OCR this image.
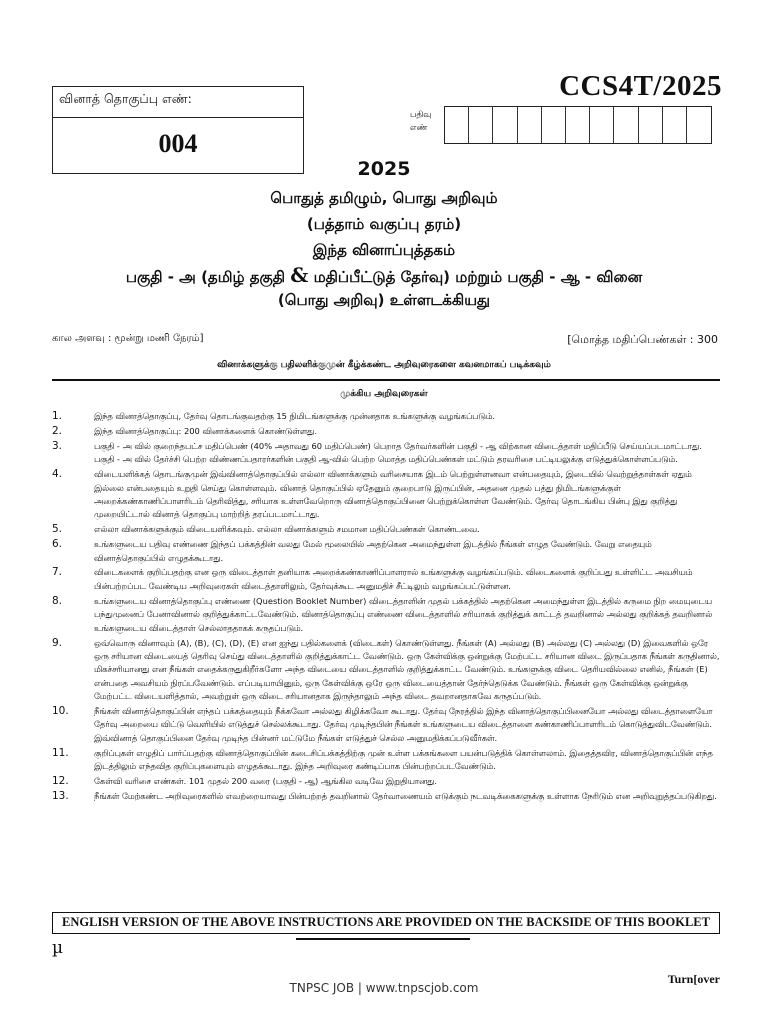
வினாத் தொகுப்பு எண்:
004
CCS4T/2025
பதிவு
எண்
2025
பொதுத் தமிழும், பொது அறிவும்
(பத்தாம் வகுப்பு தரம்)
இந்த வினாப்புத்தகம்
பகுதி - அ (தமிழ் தகுதி & மதிப்பீட்டுத் தேர்வு) மற்றும் பகுதி - ஆ - வினை
(பொது அறிவு) உள்ளடக்கியது
கால அளவு : மூன்று மணி நேரம்]	[மொத்த மதிப்பெண்கள் : 300
வினாக்களுக்கு பதிலளிக்குமுன் கீழ்க்கண்ட அறிவுரைகளை கவனமாகப் படிக்கவும்
முக்கிய அறிவுரைகள்
1.	இந்த வினாத்தொகுப்பு, தேர்வு தொடங்குவதற்கு 15 நிமிடங்களுக்கு முன்னதாக உங்களுக்கு வழங்கப்படும்.
2.	இந்த வினாத்தொகுப்பு: 200 வினாக்களைக் கொண்டுள்ளது.
3.	பகுதி - அ வில் குறைந்தபட்ச மதிப்பெண் (40% அதாவது 60 மதிப்பெண்) பெறாத தேர்வர்களின் பகுதி - ஆ விற்கான விடைத்தாள் மதிப்பீடு செய்யப்படமாட்டாது. பகுதி - அ வில் தேர்ச்சி பெற்ற விண்ணப்பதாரர்களின் பகுதி ஆ-வில் பெற்ற மொத்த மதிப்பெண்கள் மட்டும் தரவரிசை பட்டியலுக்கு எடுத்துக்கொள்ளப்படும்.
4.	விடையளிக்கத் தொடங்குமுன் இவ்வினாத்தொகுப்பில் எல்லா வினாக்களும் வரிசையாக இடம் பெற்றுள்ளனவா என்பதையும், இடையில் வெற்றுத்தாள்கள் ஏதும் இல்லை என்பதையும் உறுதி செய்து கொள்ளவும். வினாத் தொகுப்பில் ஏதேனும் குறைபாடு இருப்பின், அதனை முதல் பத்து நிமிடங்களுக்குள் அறைக்கண்காணிப்பாளரிடம் தெரிவித்து, சரியாக உள்ளவேறொரு வினாத்தொகுப்பினை பெற்றுக்கொள்ள வேண்டும். தேர்வு தொடங்கிய பின்பு இது குறித்து முறையிட்டால் வினாத் தொகுப்பு மாற்றித் தரப்படமாட்டாது.
5.	எல்லா வினாக்களுக்கும் விடையளிக்கவும். எல்லா வினாக்களும் சமமான மதிப்பெண்கள் கொண்டவை.
6.	உங்களுடைய பதிவு எண்ணை இந்தப் பக்கத்தின் வலது மேல் மூலையில் அதற்கென அமைந்துள்ள இடத்தில் நீங்கள் எழுத வேண்டும். வேறு எதையும் வினாத்தொகுப்பில் எழுதக்கூடாது.
7.	விடைகளைக் குறிப்பதற்கு என ஒரு விடைத்தாள் தனியாக அறைக்கண்காணிப்பாளரால் உங்களுக்கு வழங்கப்படும். விடைகளைக் குறிப்பது உள்ளிட்ட அவசியம் பின்பற்றப்பட வேண்டிய அறிவுரைகள் விடைத்தாளிலும், தேர்வுக்கூட அனுமதிச் சீட்டிலும் வழங்கப்பட்டுள்ளன.
8.	உங்களுடைய வினாத்தொகுப்பு எண்ணை (Question Booklet Number) விடைத்தாளின் முதல் பக்கத்தில் அதற்கென அமைந்துள்ள இடத்தில் கருமை நிற மையுடைய பந்துமுனைப் பேனாவினால் குறித்துக்காட்டவேண்டும். வினாத்தொகுப்பு எண்ணை விடைத்தாளில் சரியாகக் குறித்துக் காட்டத் தவறினால் அல்லது குறிக்கத் தவறினால் உங்களுடைய விடைத்தாள் செல்லாததாகக் கருதப்படும்.
9.	ஒவ்வொரு வினாவும் (A), (B), (C), (D), (E) என ஐந்து பதில்களைக் (விடைகள்) கொண்டுள்ளது. நீங்கள் (A) அல்லது (B) அல்லது (C) அல்லது (D) இவைகளில் ஒரே ஒரு சரியான விடையைத் தெரிவு செய்து விடைத்தாளில் குறித்துக்காட்ட வேண்டும். ஒரு கேள்விக்கு ஒன்றுக்கு மேற்பட்ட சரியான விடை இருப்பதாக நீங்கள் கருதினால், மிகச்சரியானது என நீங்கள் எதைக்கருதுகிறீர்களோ அந்த விடையை விடைத்தாளில் குறித்துக்காட்ட வேண்டும். உங்களுக்கு விடை தெரியவில்லை எனில், நீங்கள் (E) என்பதை அவசியம் நிரப்பவேண்டும். எப்படியாயினும், ஒரு கேள்விக்கு ஒரே ஒரு விடையைத்தான் தேர்ந்தெடுக்க வேண்டும். நீங்கள் ஒரு கேள்விக்கு ஒன்றுக்கு மேற்பட்ட விடையளித்தால், அவற்றுள் ஒரு விடை சரியானதாக இருந்தாலும் அந்த விடை தவறானதாகவே கருதப்படும்.
10.	நீங்கள் வினாத்தொகுப்பின் எந்தப் பக்கத்தையும் நீக்கவோ அல்லது கிழிக்கவோ கூடாது. தேர்வு நேரத்தில் இந்த வினாத்தொகுப்பினையோ அல்லது விடைத்தாளையோ தேர்வு அறையை விட்டு வெளியில் எடுத்துச் செல்லக்கூடாது. தேர்வு முடிந்தபின் நீங்கள் உங்களுடைய விடைத்தாளை கண்காணிப்பாளரிடம் கொடுத்துவிடவேண்டும். இவ்வினாத் தொகுப்பினை தேர்வு முடிந்த பின்னர் மட்டுமே நீங்கள் எடுத்துச் செல்ல அனுமதிக்கப்படுவீர்கள்.
11.	குறிப்புகள் எழுதிப் பார்ப்பதற்கு வினாத்தொகுப்பின் கடைசிப்பக்கத்திற்கு முன் உள்ள பக்கங்களை பயன்படுத்திக் கொள்ளலாம். இதைத்தவிர, வினாத்தொகுப்பின் எந்த இடத்திலும் எந்தவித குறிப்புகளையும் எழுதக்கூடாது. இந்த அறிவுரை கண்டிப்பாக பின்பற்றப்படவேண்டும்.
12.	கேள்வி வரிசை எண்கள். 101 முதல் 200 வரை (பகுதி - ஆ) ஆங்கில வடிவே இறுதியானது.
13.	நீங்கள் மேற்கண்ட அறிவுரைகளில் எவற்றையாவது பின்பற்றத் தவறினால் தேர்வாணையம் எடுக்கும் நடவடிக்கைகளுக்கு உள்ளாக நேரிடும் என அறிவுறுத்தப்படுகிறது.
ENGLISH VERSION OF THE ABOVE INSTRUCTIONS ARE PROVIDED ON THE BACKSIDE OF THIS BOOKLET
µ
Turn[over
TNPSC JOB | www.tnpscjob.com
